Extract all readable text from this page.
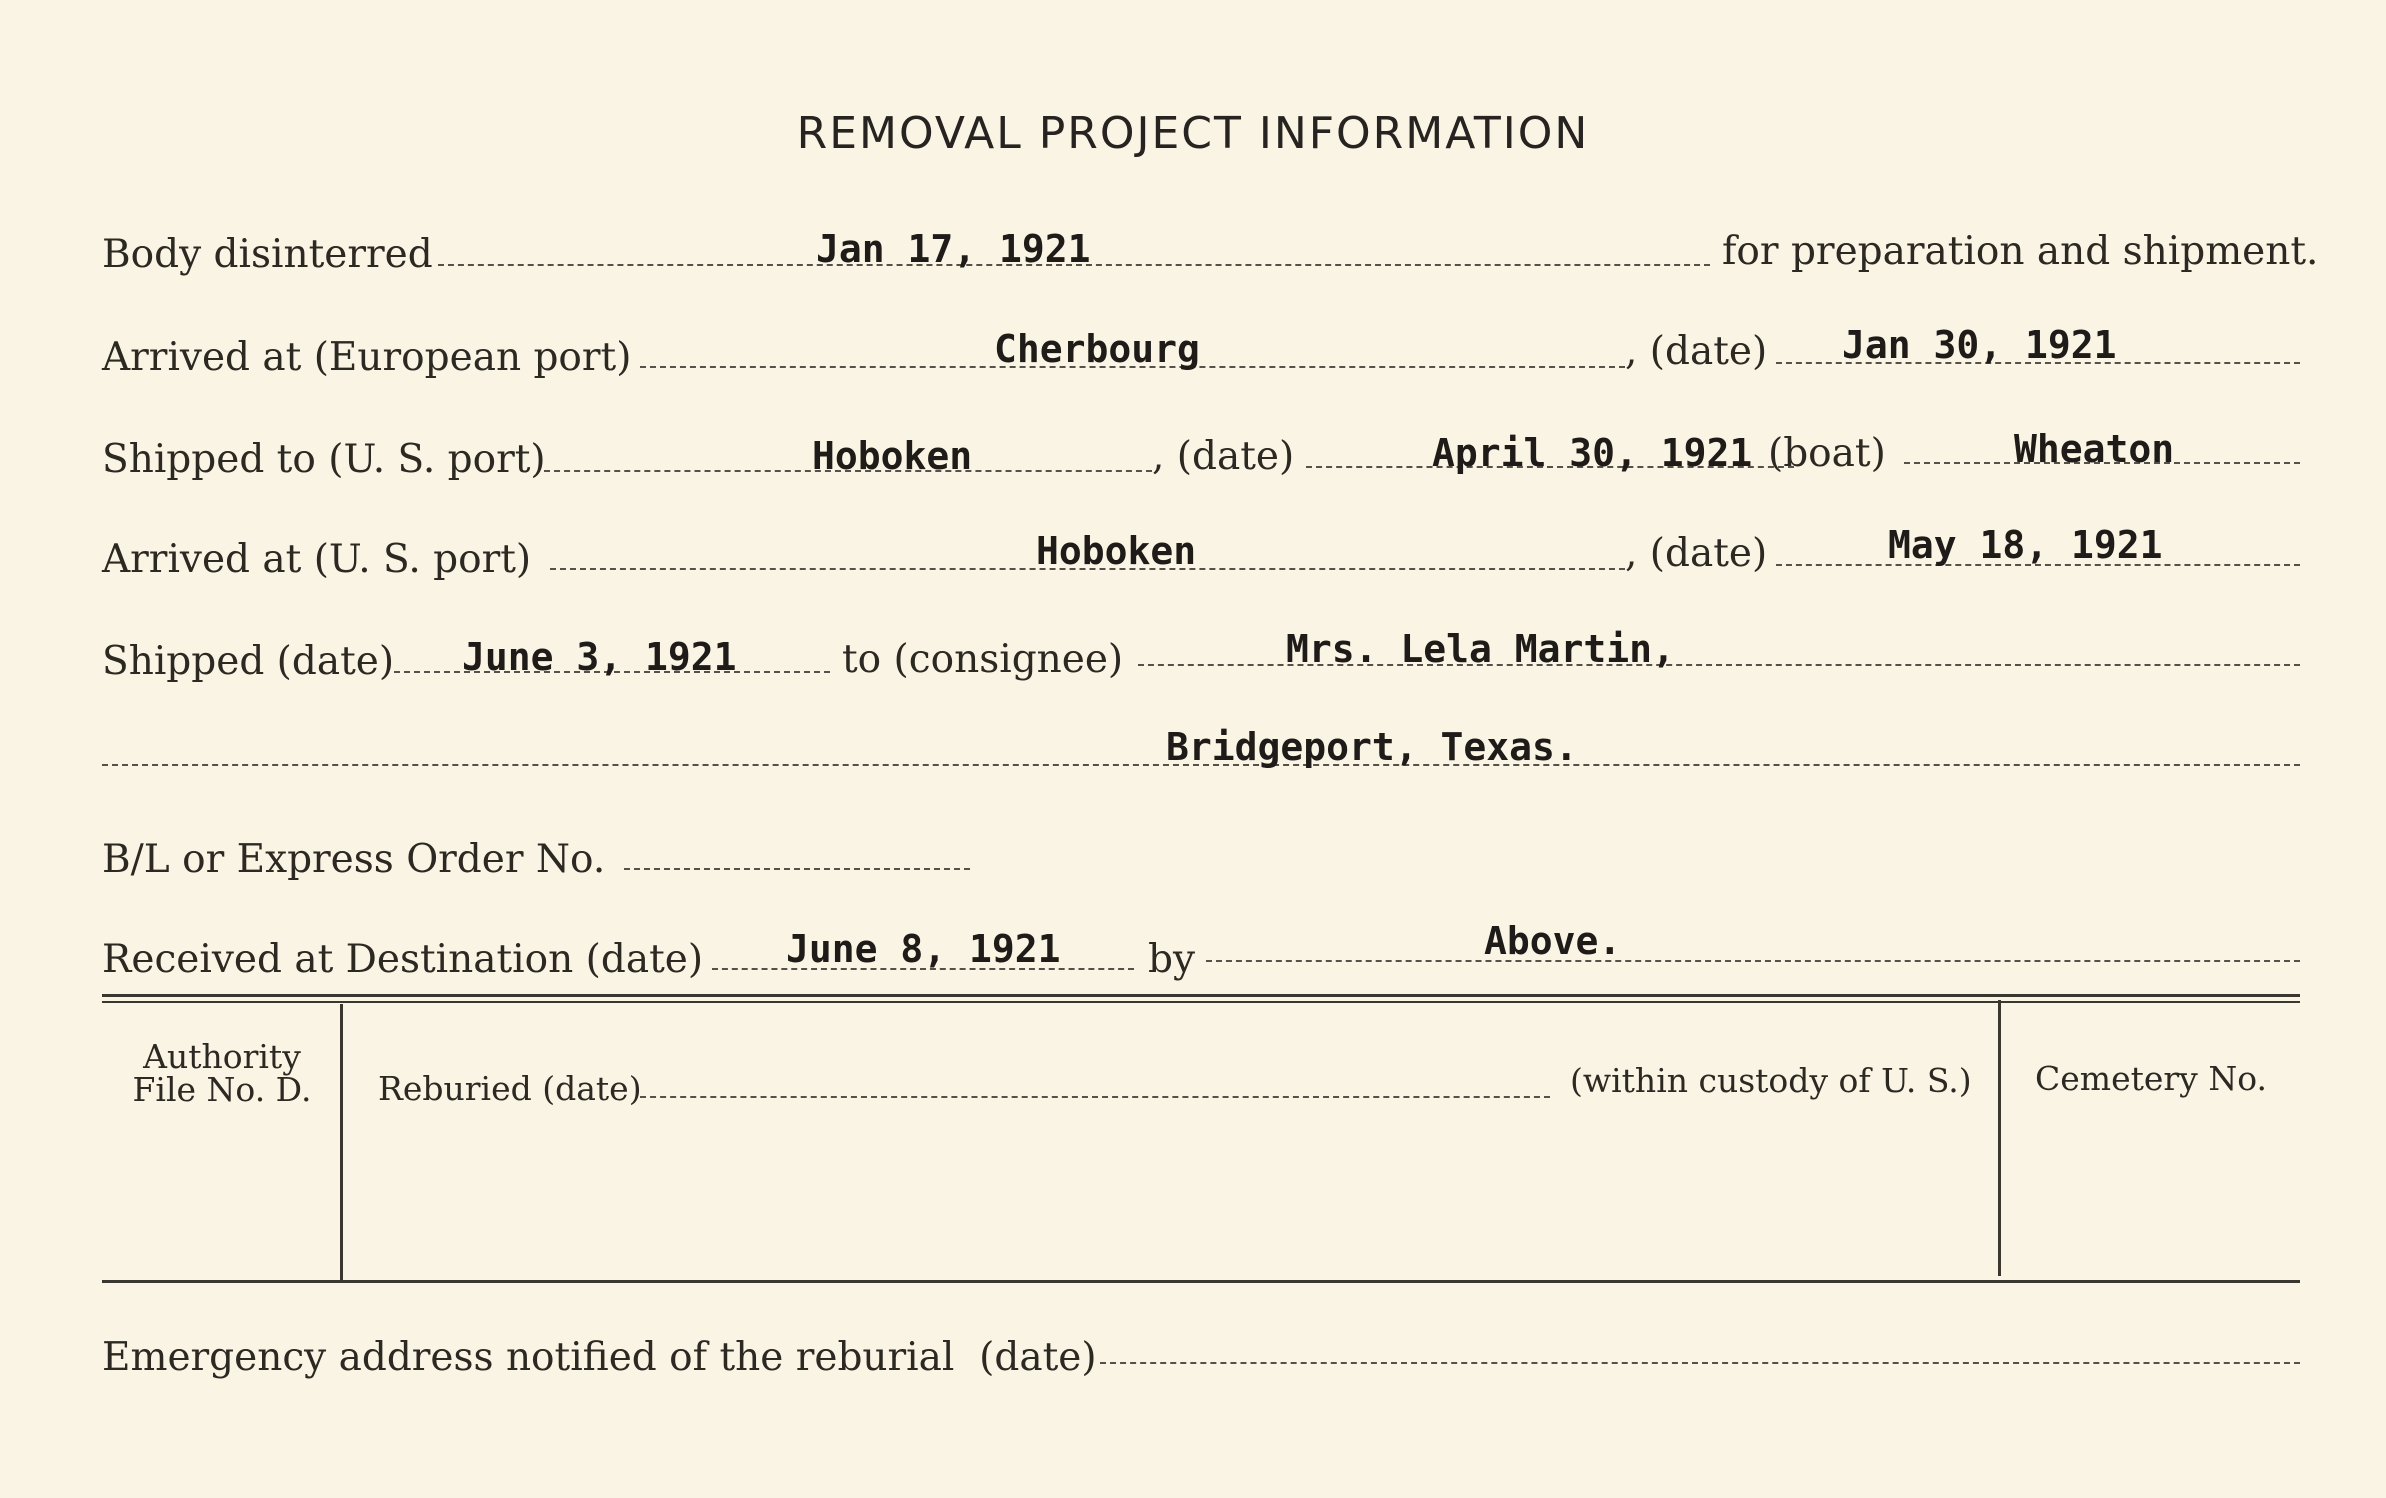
REMOVAL PROJECT INFORMATION
Body disinterred	Jan 17, 1921	for preparation and shipment.
Arrived at (European port)	Cherbourg	, (date) Jan 30, 1921
Shipped to (U. S. port)	Hoboken	, (date)	April 30, 1921 (boat)	Wheaton
Arrived at (U. S. port)	Hoboken	, (date)	May 18, 1921
Shipped (date) June 3, 1921	to (consignee)	Mrs. Lela Martin,
Bridgeport, Texas.
B/L or Express Order No.
Received at Destination (date) June 8, 1921 by	Above.
Authority
File No. D.	Reburied (date)	(within custody of U. S.)	Cemetery No.
Emergency address notified of the reburial  (date)
